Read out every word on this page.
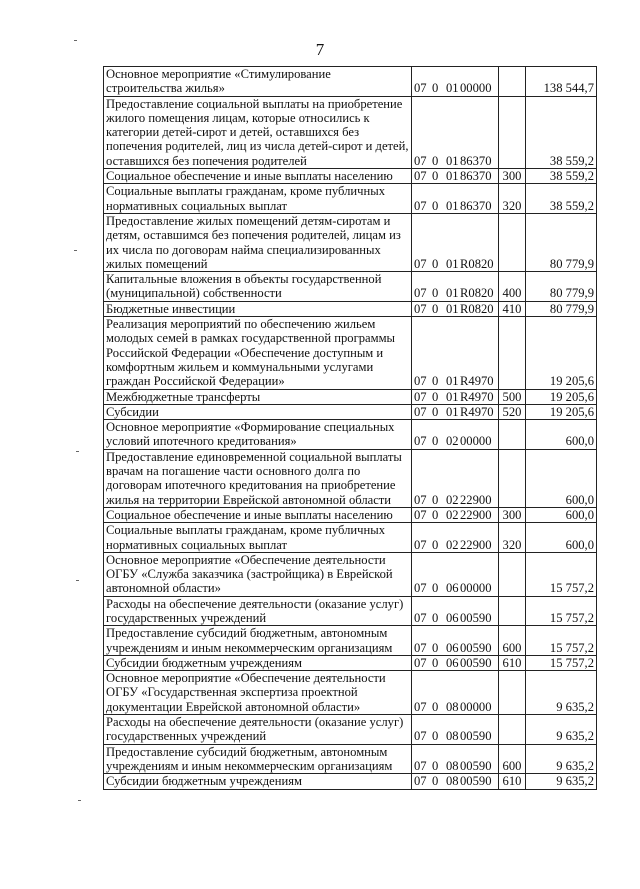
7
Основное мероприятие «Стимулирование строительства жилья»	07 0 0100000		138 544,7
Предоставление социальной выплаты на приобретение жилого помещения лицам, которые относились к категории детей-сирот и детей, оставшихся без попечения родителей, лиц из числа детей-сирот и детей, оставшихся без попечения родителей	07 0 0186370		38 559,2
Социальное обеспечение и иные выплаты населению	07 0 0186370	300	38 559,2
Социальные выплаты гражданам, кроме публичных нормативных социальных выплат	07 0 0186370	320	38 559,2
Предоставление жилых помещений детям-сиротам и детям, оставшимся без попечения родителей, лицам из их числа по договорам найма специализированных жилых помещений	07 0 01R0820		80 779,9
Капитальные вложения в объекты государственной (муниципальной) собственности	07 0 01R0820	400	80 779,9
Бюджетные инвестиции	07 0 01R0820	410	80 779,9
Реализация мероприятий по обеспечению жильем молодых семей в рамках государственной программы Российской Федерации «Обеспечение доступным и комфортным жильем и коммунальными услугами граждан Российской Федерации»	07 0 01R4970		19 205,6
Межбюджетные трансферты	07 0 01R4970	500	19 205,6
Субсидии	07 0 01R4970	520	19 205,6
Основное мероприятие «Формирование специальных условий ипотечного кредитования»	07 0 0200000		600,0
Предоставление единовременной социальной выплаты врачам на погашение части основного долга по договорам ипотечного кредитования на приобретение жилья на территории Еврейской автономной области	07 0 0222900		600,0
Социальное обеспечение и иные выплаты населению	07 0 0222900	300	600,0
Социальные выплаты гражданам, кроме публичных нормативных социальных выплат	07 0 0222900	320	600,0
Основное мероприятие «Обеспечение деятельности ОГБУ «Служба заказчика (застройщика) в Еврейской автономной области»	07 0 0600000		15 757,2
Расходы на обеспечение деятельности (оказание услуг) государственных учреждений	07 0 0600590		15 757,2
Предоставление субсидий бюджетным, автономным учреждениям и иным некоммерческим организациям	07 0 0600590	600	15 757,2
Субсидии бюджетным учреждениям	07 0 0600590	610	15 757,2
Основное мероприятие «Обеспечение деятельности ОГБУ «Государственная экспертиза проектной документации Еврейской автономной области»	07 0 0800000		9 635,2
Расходы на обеспечение деятельности (оказание услуг) государственных учреждений	07 0 0800590		9 635,2
Предоставление субсидий бюджетным, автономным учреждениям и иным некоммерческим организациям	07 0 0800590	600	9 635,2
Субсидии бюджетным учреждениям	07 0 0800590	610	9 635,2
